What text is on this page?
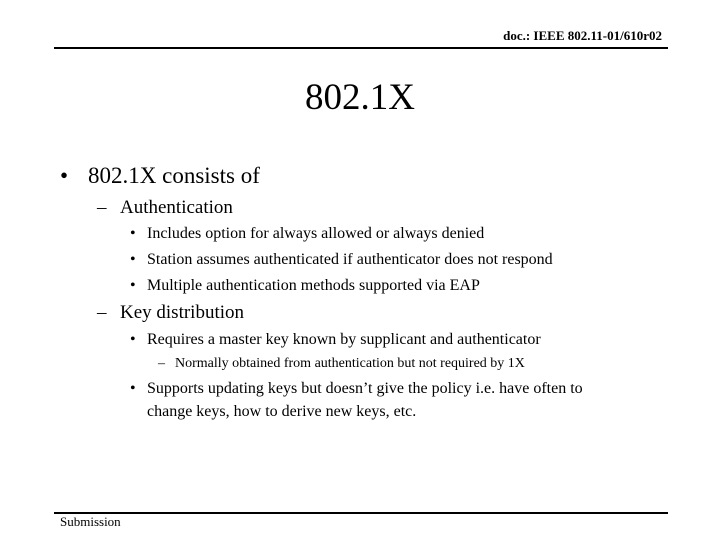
doc.: IEEE 802.11-01/610r02
802.1X
• 802.1X consists of
– Authentication
• Includes option for always allowed or always denied
• Station assumes authenticated if authenticator does not respond
• Multiple authentication methods supported via EAP
– Key distribution
• Requires a master key known by supplicant and authenticator
– Normally obtained from authentication but not required by 1X
• Supports updating keys but doesn’t give the policy i.e. have often to
change keys, how to derive new keys, etc.
Submission
